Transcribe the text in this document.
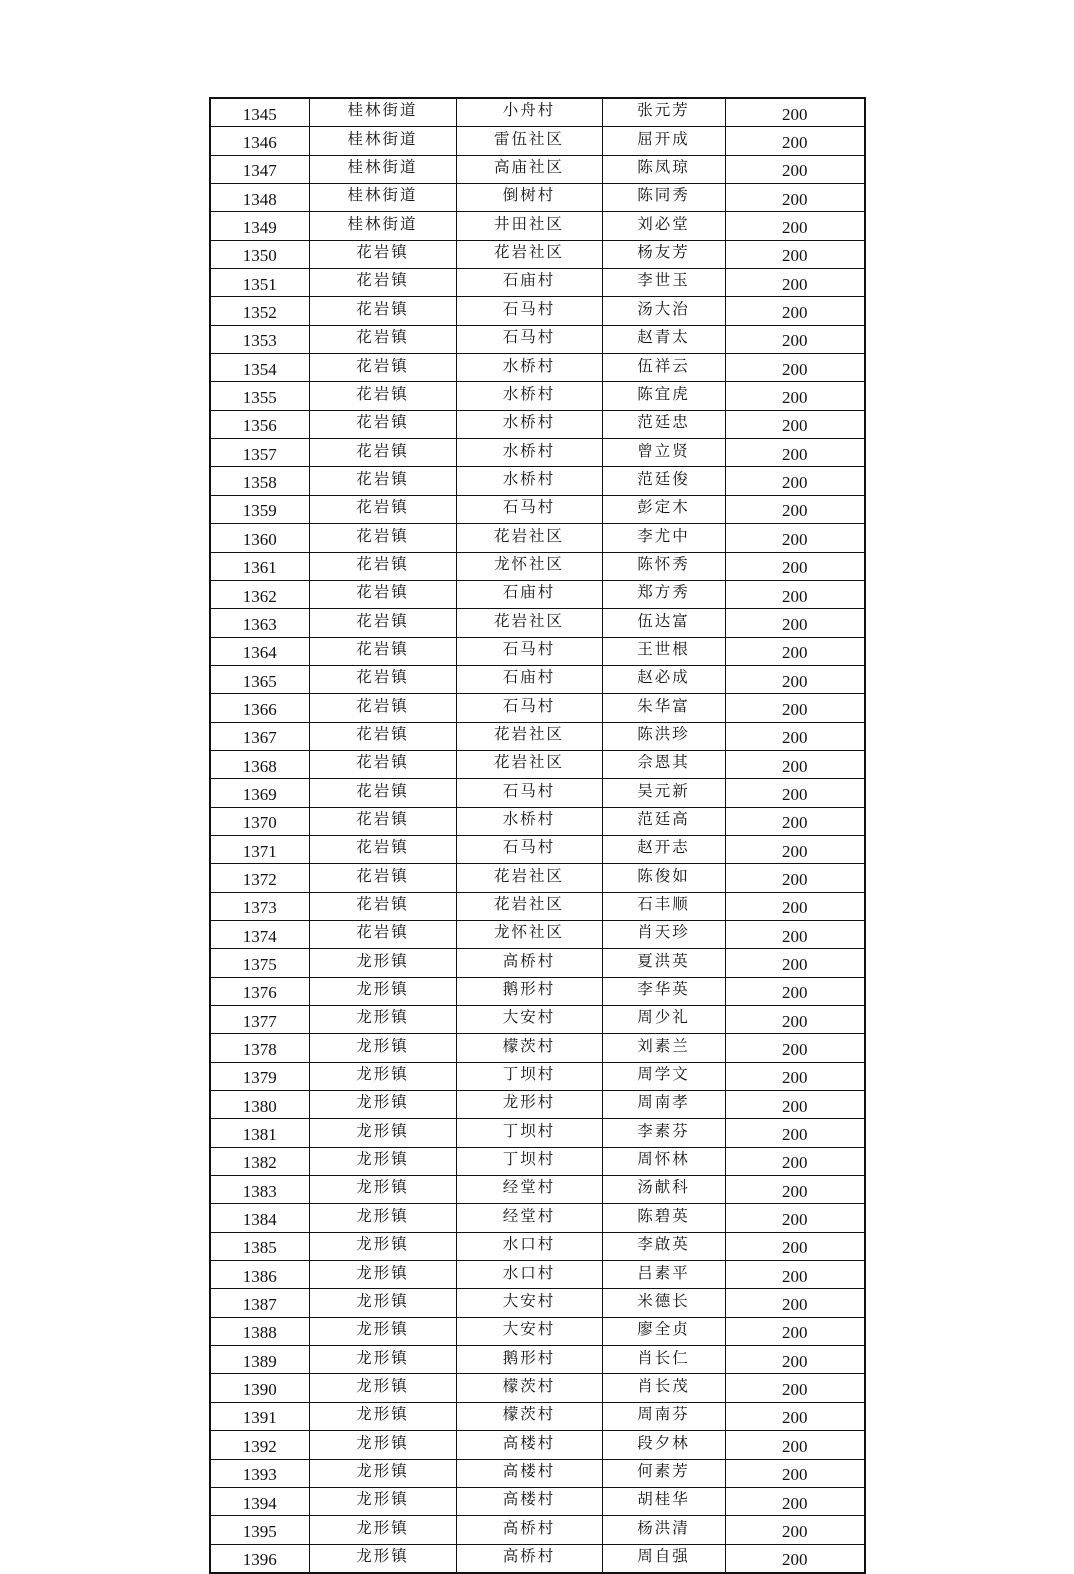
1345	桂林街道	小舟村	张元芳	200
1346	桂林街道	雷伍社区	屈开成	200
1347	桂林街道	高庙社区	陈凤琼	200
1348	桂林街道	倒树村	陈同秀	200
1349	桂林街道	井田社区	刘必堂	200
1350	花岩镇	花岩社区	杨友芳	200
1351	花岩镇	石庙村	李世玉	200
1352	花岩镇	石马村	汤大治	200
1353	花岩镇	石马村	赵青太	200
1354	花岩镇	水桥村	伍祥云	200
1355	花岩镇	水桥村	陈宜虎	200
1356	花岩镇	水桥村	范廷忠	200
1357	花岩镇	水桥村	曾立贤	200
1358	花岩镇	水桥村	范廷俊	200
1359	花岩镇	石马村	彭定木	200
1360	花岩镇	花岩社区	李尤中	200
1361	花岩镇	龙怀社区	陈怀秀	200
1362	花岩镇	石庙村	郑方秀	200
1363	花岩镇	花岩社区	伍达富	200
1364	花岩镇	石马村	王世根	200
1365	花岩镇	石庙村	赵必成	200
1366	花岩镇	石马村	朱华富	200
1367	花岩镇	花岩社区	陈洪珍	200
1368	花岩镇	花岩社区	佘恩其	200
1369	花岩镇	石马村	吴元新	200
1370	花岩镇	水桥村	范廷高	200
1371	花岩镇	石马村	赵开志	200
1372	花岩镇	花岩社区	陈俊如	200
1373	花岩镇	花岩社区	石丰顺	200
1374	花岩镇	龙怀社区	肖天珍	200
1375	龙形镇	高桥村	夏洪英	200
1376	龙形镇	鹅形村	李华英	200
1377	龙形镇	大安村	周少礼	200
1378	龙形镇	檬茨村	刘素兰	200
1379	龙形镇	丁坝村	周学文	200
1380	龙形镇	龙形村	周南孝	200
1381	龙形镇	丁坝村	李素芬	200
1382	龙形镇	丁坝村	周怀林	200
1383	龙形镇	经堂村	汤献科	200
1384	龙形镇	经堂村	陈碧英	200
1385	龙形镇	水口村	李啟英	200
1386	龙形镇	水口村	吕素平	200
1387	龙形镇	大安村	米德长	200
1388	龙形镇	大安村	廖全贞	200
1389	龙形镇	鹅形村	肖长仁	200
1390	龙形镇	檬茨村	肖长茂	200
1391	龙形镇	檬茨村	周南芬	200
1392	龙形镇	高楼村	段夕林	200
1393	龙形镇	高楼村	何素芳	200
1394	龙形镇	高楼村	胡桂华	200
1395	龙形镇	高桥村	杨洪清	200
1396	龙形镇	高桥村	周自强	200
